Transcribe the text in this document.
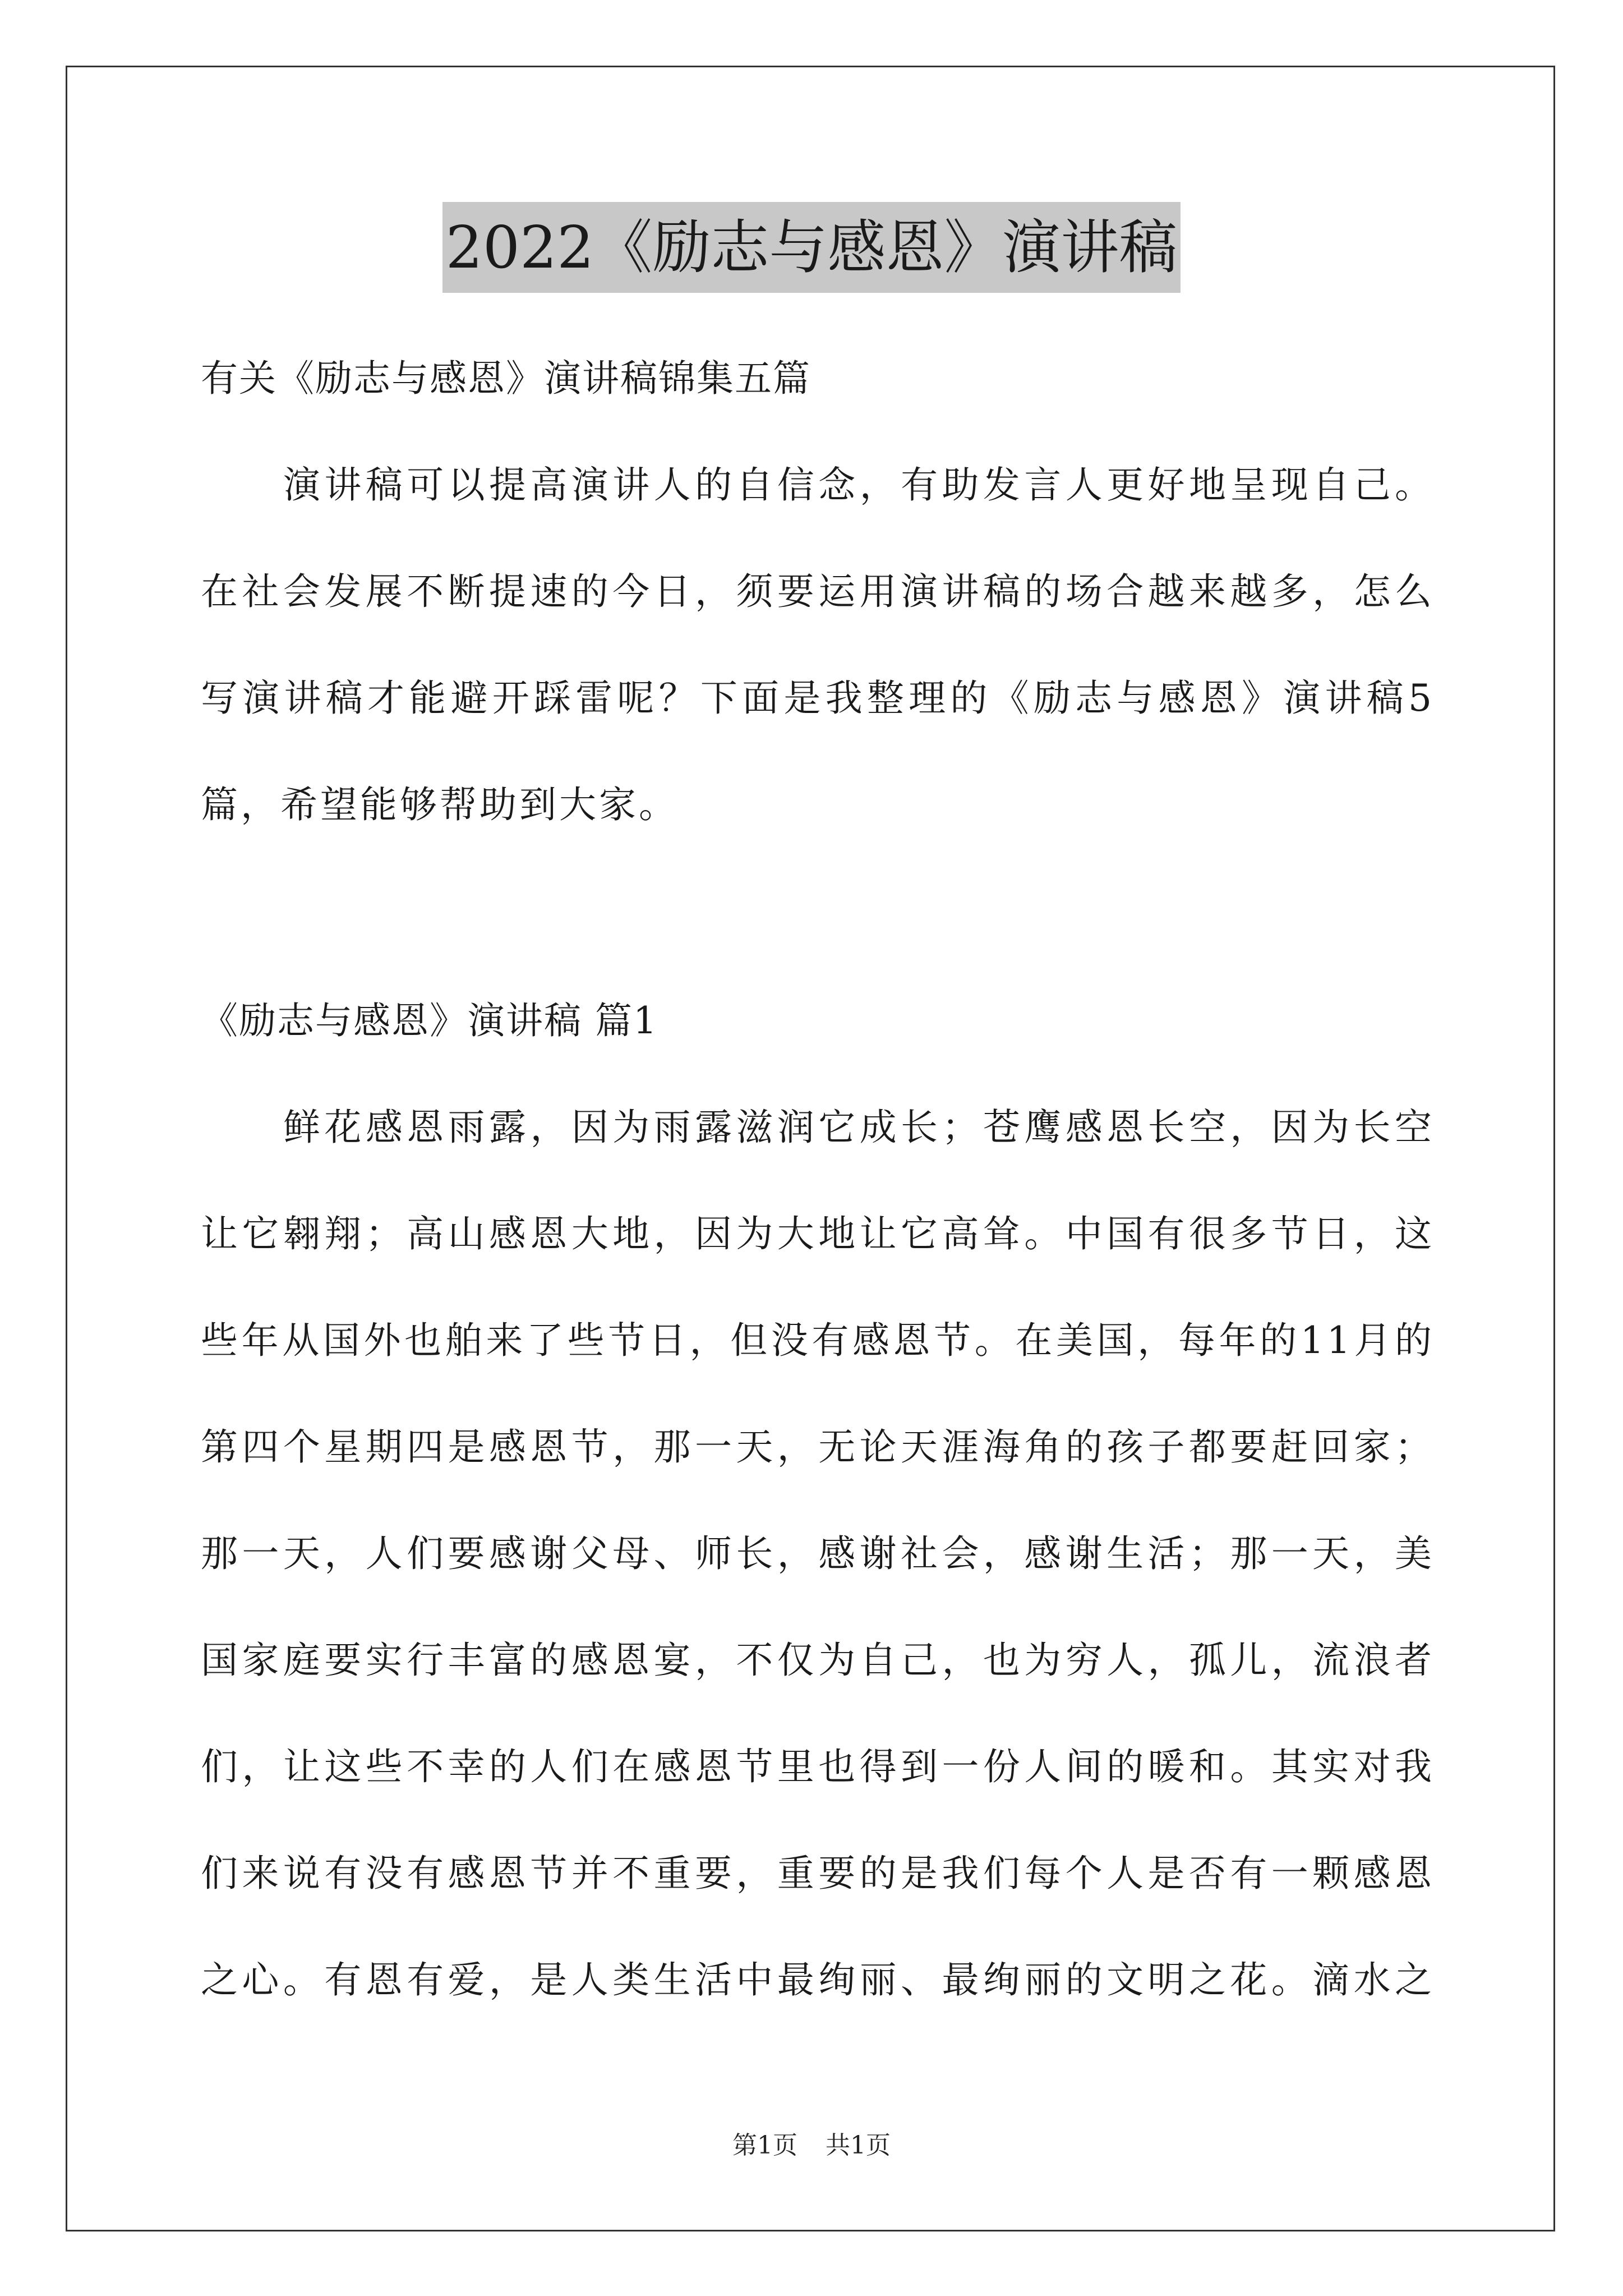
2022《励志与感恩》演讲稿
有关《励志与感恩》演讲稿锦集五篇
演讲稿可以提高演讲人的自信念，有助发言人更好地呈现自己。
在社会发展不断提速的今日，须要运用演讲稿的场合越来越多，怎么
写演讲稿才能避开踩雷呢？下面是我整理的《励志与感恩》演讲稿5
篇，希望能够帮助到大家。
《励志与感恩》演讲稿 篇1
鲜花感恩雨露，因为雨露滋润它成长；苍鹰感恩长空，因为长空
让它翱翔；高山感恩大地，因为大地让它高耸。中国有很多节日，这
些年从国外也舶来了些节日，但没有感恩节。在美国，每年的11月的
第四个星期四是感恩节，那一天，无论天涯海角的孩子都要赶回家；
那一天，人们要感谢父母、师长，感谢社会，感谢生活；那一天，美
国家庭要实行丰富的感恩宴，不仅为自己，也为穷人，孤儿，流浪者
们，让这些不幸的人们在感恩节里也得到一份人间的暖和。其实对我
们来说有没有感恩节并不重要，重要的是我们每个人是否有一颗感恩
之心。有恩有爱，是人类生活中最绚丽、最绚丽的文明之花。滴水之
第1页 共1页
